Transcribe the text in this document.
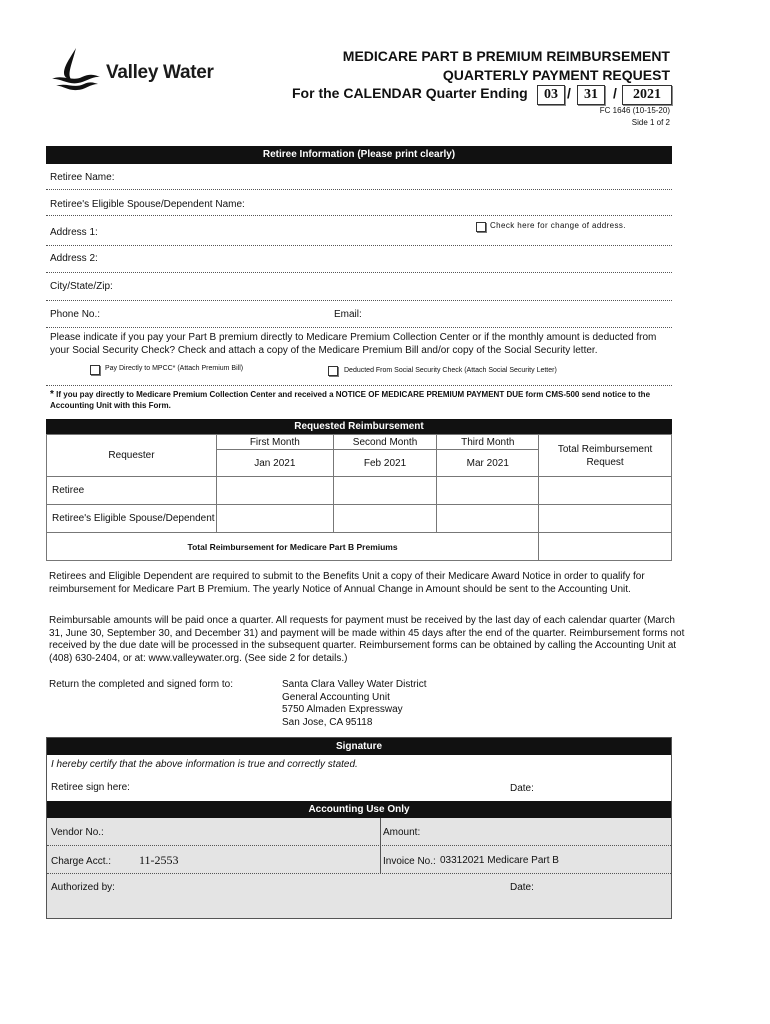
Valley Water
MEDICARE PART B PREMIUM REIMBURSEMENT
QUARTERLY PAYMENT REQUEST
For the CALENDAR Quarter Ending	03 / 31	/	2021
FC 1646 (10-15-20)
Side 1 of 2
Retiree Information (Please print clearly)
Retiree Name:
Retiree's Eligible Spouse/Dependent Name:
Address 1:
Check here for change of address.
Address 2:
City/State/Zip:
Phone No.:	Email:
Please indicate if you pay your Part B premium directly to Medicare Premium Collection Center or if the monthly amount is deducted from your Social Security Check? Check and attach a copy of the Medicare Premium Bill and/or copy of the Social Security letter.
Pay Directly to MPCC* (Attach Premium Bill)	Deducted From Social Security Check (Attach Social Security Letter)
* If you pay directly to Medicare Premium Collection Center and received a NOTICE OF MEDICARE PREMIUM PAYMENT DUE form CMS-500 send notice to the Accounting Unit with this Form.
Requested Reimbursement
Requester	First Month	Second Month	Third Month	Total Reimbursement Request
	Jan 2021	Feb 2021	Mar 2021	
Retiree				
Retiree's Eligible Spouse/Dependent				
Total Reimbursement for Medicare Part B Premiums				
Retirees and Eligible Dependent are required to submit to the Benefits Unit a copy of their Medicare Award Notice in order to qualify for reimbursement for Medicare Part B Premium. The yearly Notice of Annual Change in Amount should be sent to the Accounting Unit.
Reimbursable amounts will be paid once a quarter. All requests for payment must be received by the last day of each calendar quarter (March 31, June 30, September 30, and December 31) and payment will be made within 45 days after the end of the quarter. Reimbursement forms not received by the due date will be processed in the subsequent quarter. Reimbursement forms can be obtained by calling the Accounting Unit at (408) 630-2404, or at: www.valleywater.org. (See side 2 for details.)
Return the completed and signed form to:	Santa Clara Valley Water District
General Accounting Unit
5750 Almaden Expressway
San Jose, CA 95118
Signature
I hereby certify that the above information is true and correctly stated.
Retiree sign here:	Date:
Accounting Use Only
Vendor No.:	Amount:
Charge Acct.: 11-2553	Invoice No.: 03312021 Medicare Part B
Authorized by:	Date:
